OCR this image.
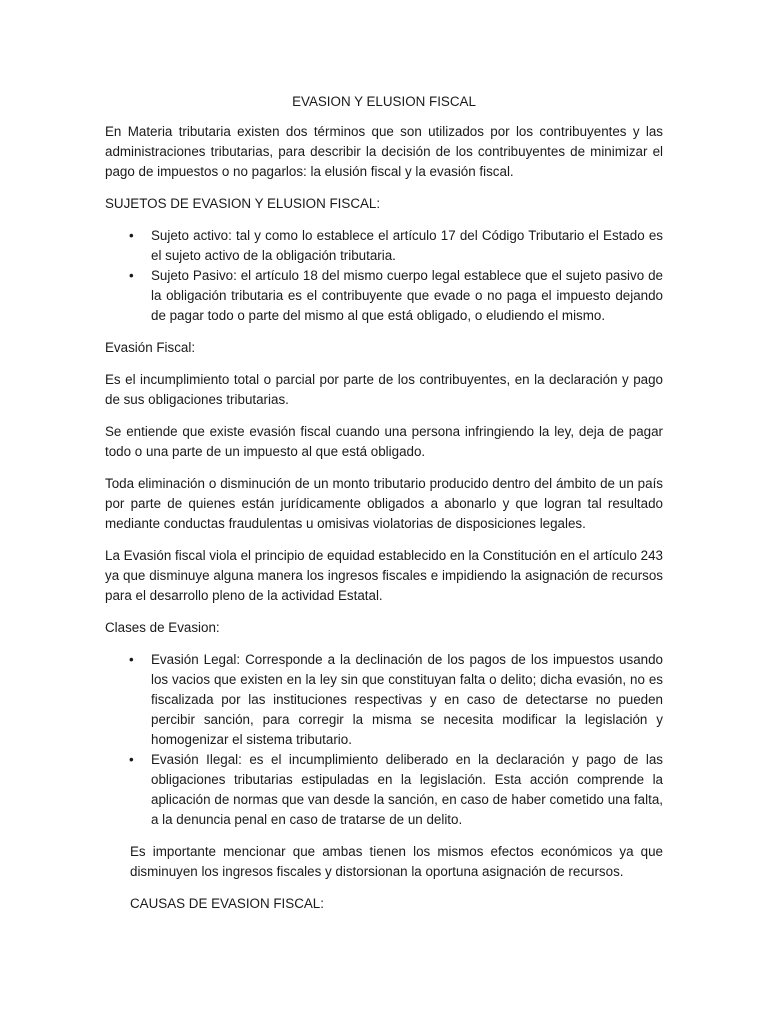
EVASION Y ELUSION FISCAL

En Materia tributaria existen dos términos que son utilizados por los contribuyentes y las administraciones tributarias, para describir la decisión de los contribuyentes de minimizar el pago de impuestos o no pagarlos: la elusión fiscal y la evasión fiscal.

SUJETOS DE EVASION Y ELUSION FISCAL:

• Sujeto activo: tal y como lo establece el artículo 17 del Código Tributario el Estado es el sujeto activo de la obligación tributaria.
• Sujeto Pasivo: el artículo 18 del mismo cuerpo legal establece que el sujeto pasivo de la obligación tributaria es el contribuyente que evade o no paga el impuesto dejando de pagar todo o parte del mismo al que está obligado, o eludiendo el mismo.

Evasión Fiscal:

Es el incumplimiento total o parcial por parte de los contribuyentes, en la declaración y pago de sus obligaciones tributarias.

Se entiende que existe evasión fiscal cuando una persona infringiendo la ley, deja de pagar todo o una parte de un impuesto al que está obligado.

Toda eliminación o disminución de un monto tributario producido dentro del ámbito de un país por parte de quienes están jurídicamente obligados a abonarlo y que logran tal resultado mediante conductas fraudulentas u omisivas violatorias de disposiciones legales.

La Evasión fiscal viola el principio de equidad establecido en la Constitución en el artículo 243 ya que disminuye alguna manera los ingresos fiscales e impidiendo la asignación de recursos para el desarrollo pleno de la actividad Estatal.

Clases de Evasion:

• Evasión Legal: Corresponde a la declinación de los pagos de los impuestos usando los vacios que existen en la ley sin que constituyan falta o delito; dicha evasión, no es fiscalizada por las instituciones respectivas y en caso de detectarse no pueden percibir sanción, para corregir la misma se necesita modificar la legislación y homogenizar el sistema tributario.
• Evasión Ilegal: es el incumplimiento deliberado en la declaración y pago de las obligaciones tributarias estipuladas en la legislación. Esta acción comprende la aplicación de normas que van desde la sanción, en caso de haber cometido una falta, a la denuncia penal en caso de tratarse de un delito.

Es importante mencionar que ambas tienen los mismos efectos económicos ya que disminuyen los ingresos fiscales y distorsionan la oportuna asignación de recursos.

CAUSAS DE EVASION FISCAL:
